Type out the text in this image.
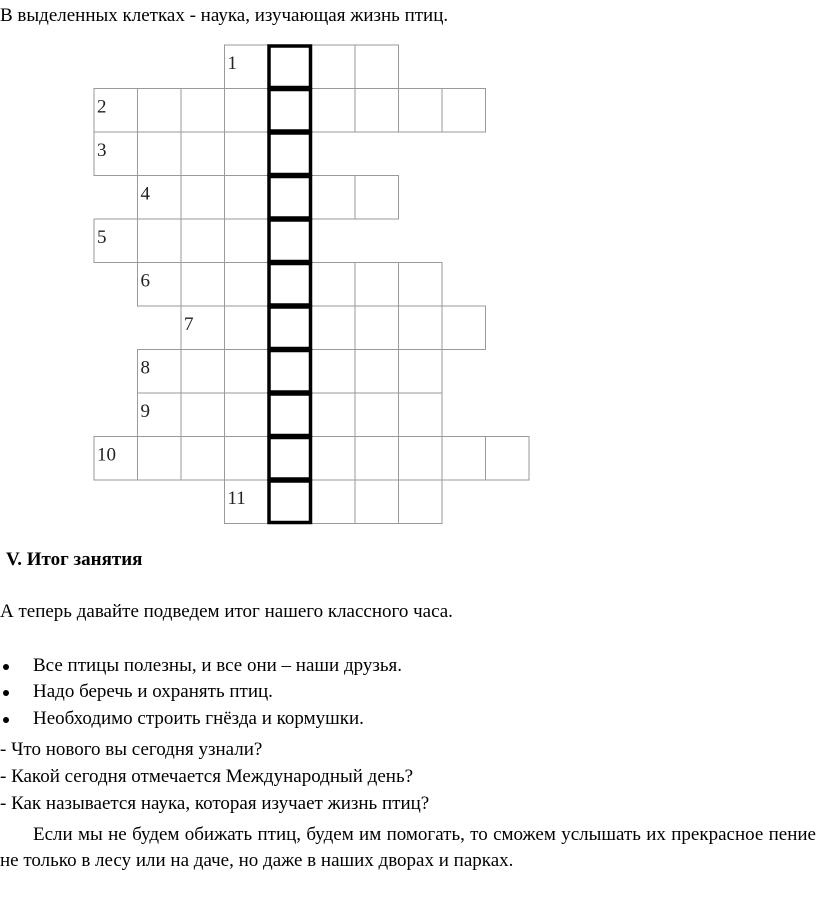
В выделенных клетках - наука, изучающая жизнь птиц.
1
2
3
4
5
6
7
8
9
10
11
V. Итог занятия
А теперь давайте подведем итог нашего классного часа.
Все птицы полезны, и все они – наши друзья.
Надо беречь и охранять птиц.
Необходимо строить гнёзда и кормушки.
- Что нового вы сегодня узнали?
- Какой сегодня отмечается Международный день?
- Как называется наука, которая изучает жизнь птиц?
Если мы не будем обижать птиц, будем им помогать, то сможем услышать их прекрасное пение не только в лесу или на даче, но даже в наших дворах и парках.
